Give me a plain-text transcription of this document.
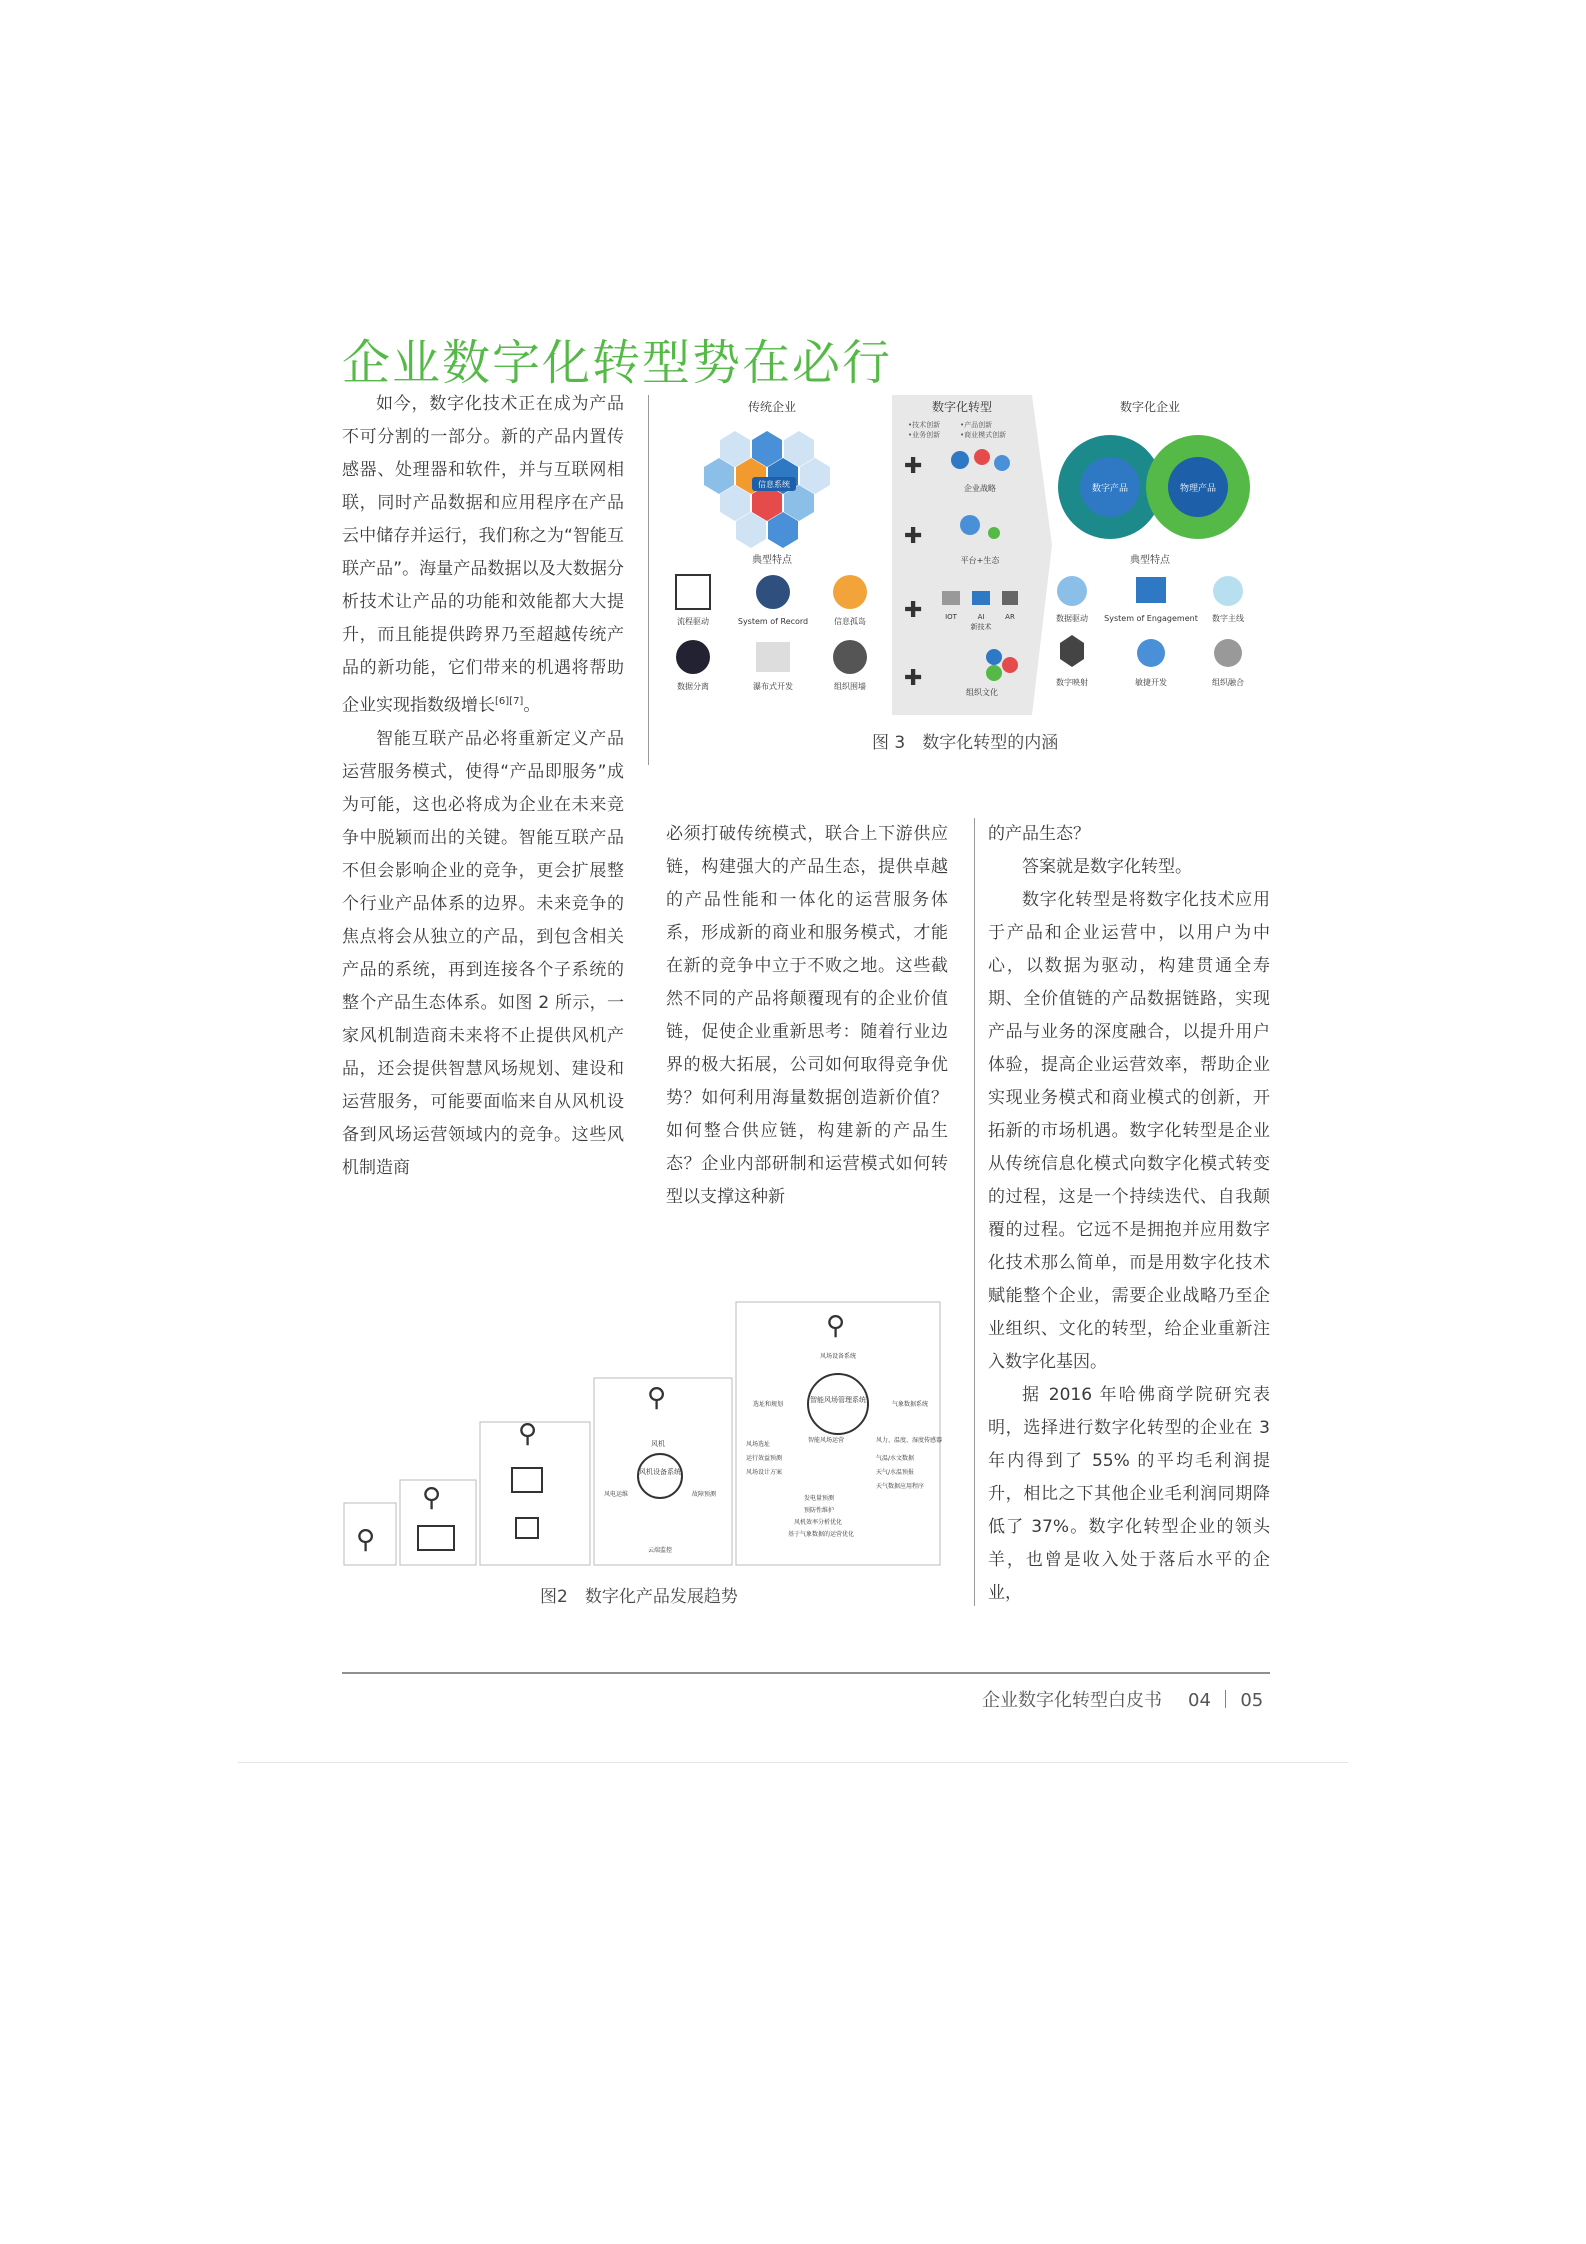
企业数字化转型势在必行

如今，数字化技术正在成为产品不可分割的一部分。新的产品内置传感器、处理器和软件，并与互联网相联，同时产品数据和应用程序在产品云中储存并运行，我们称之为“智能互联产品”。海量产品数据以及大数据分析技术让产品的功能和效能都大大提升，而且能提供跨界乃至超越传统产品的新功能，它们带来的机遇将帮助企业实现指数级增长[6][7]。

智能互联产品必将重新定义产品运营服务模式，使得“产品即服务”成为可能，这也必将成为企业在未来竞争中脱颖而出的关键。智能互联产品不但会影响企业的竞争，更会扩展整个行业产品体系的边界。未来竞争的焦点将会从独立的产品，到包含相关产品的系统，再到连接各个子系统的整个产品生态体系。如图 2 所示，一家风机制造商未来将不止提供风机产品，还会提供智慧风场规划、建设和运营服务，可能要面临来自从风机设备到风场运营领域内的竞争。这些风机制造商

传统企业	数字化转型	数字化企业
•技术创新	•产品创新
•业务创新	•商业模式创新
信息系统
典型特点
流程驱动	System of Record	信息孤岛
数据分离	瀑布式开发	组织围墙
✚
✚
✚
✚
企业战略
平台+生态
IOT	AI	AR
新技术
组织文化
数字产品	物理产品
典型特点
数据驱动 System of Engagement 数字主线
数字映射	敏捷开发	组织融合
图 3　数字化转型的内涵

必须打破传统模式，联合上下游供应链，构建强大的产品生态，提供卓越的产品性能和一体化的运营服务体系，形成新的商业和服务模式，才能在新的竞争中立于不败之地。这些截然不同的产品将颠覆现有的企业价值链，促使企业重新思考：随着行业边界的极大拓展，公司如何取得竞争优势？如何利用海量数据创造新价值？如何整合供应链，构建新的产品生态？企业内部研制和运营模式如何转型以支撑这种新

的产品生态？

答案就是数字化转型。

数字化转型是将数字化技术应用于产品和企业运营中，以用户为中心，以数据为驱动，构建贯通全寿期、全价值链的产品数据链路，实现产品与业务的深度融合，以提升用户体验，提高企业运营效率，帮助企业实现业务模式和商业模式的创新，开拓新的市场机遇。数字化转型是企业从传统信息化模式向数字化模式转变的过程，这是一个持续迭代、自我颠覆的过程。它远不是拥抱并应用数字化技术那么简单，而是用数字化技术赋能整个企业，需要企业战略乃至企业组织、文化的转型，给企业重新注入数字化基因。

据 2016 年哈佛商学院研究表明，选择进行数字化转型的企业在 3 年内得到了 55% 的平均毛利润提升，相比之下其他企业毛利润同期降低了 37%。数字化转型企业的领头羊，也曾是收入处于落后水平的企业，

⚲
⚲
⚲
⚲
⚲
风机设备系统
风机
风电运维	故障预测
云端监控
智能风场管理系统
风场设备系统
选址和规划	气象数据系统
风场选址
运行效益预测
风场设计方案
智能风场运营	风力、温度、湿度传感器
气温/水文数据
天气/水温预报
天气数据应用程序
发电量预测
预防性维护
风机效率分析优化
基于气象数据的运营优化
图2　数字化产品发展趋势
企业数字化转型白皮书 04 ｜ 05
